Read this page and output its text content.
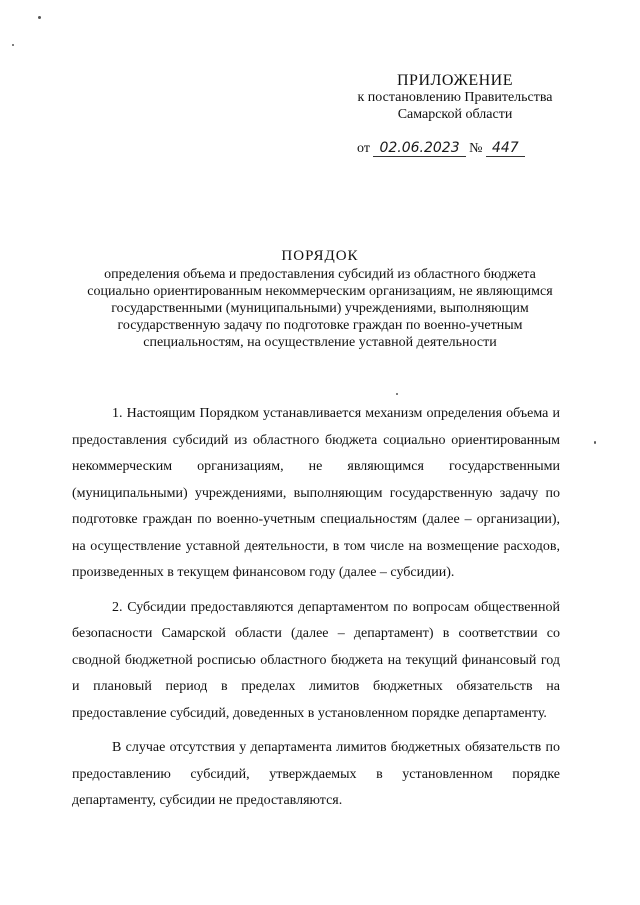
ПРИЛОЖЕНИЕ
к постановлению Правительства
Самарской области
от 02.06.2023 № 447
ПОРЯДОК
определения объема и предоставления субсидий из областного бюджета социально ориентированным некоммерческим организациям, не являющимся государственными (муниципальными) учреждениями, выполняющим государственную задачу по подготовке граждан по военно-учетным специальностям, на осуществление уставной деятельности

1. Настоящим Порядком устанавливается механизм определения объема и предоставления субсидий из областного бюджета социально ориентированным некоммерческим организациям, не являющимся государственными (муниципальными) учреждениями, выполняющим государственную задачу по подготовке граждан по военно-учетным специальностям (далее – организации), на осуществление уставной деятельности, в том числе на возмещение расходов, произведенных в текущем финансовом году (далее – субсидии).

2. Субсидии предоставляются департаментом по вопросам общественной безопасности Самарской области (далее – департамент) в соответствии со сводной бюджетной росписью областного бюджета на текущий финансовый год и плановый период в пределах лимитов бюджетных обязательств на предоставление субсидий, доведенных в установленном порядке департаменту.

В случае отсутствия у департамента лимитов бюджетных обязательств по предоставлению субсидий, утверждаемых в установленном порядке департаменту, субсидии не предоставляются.
